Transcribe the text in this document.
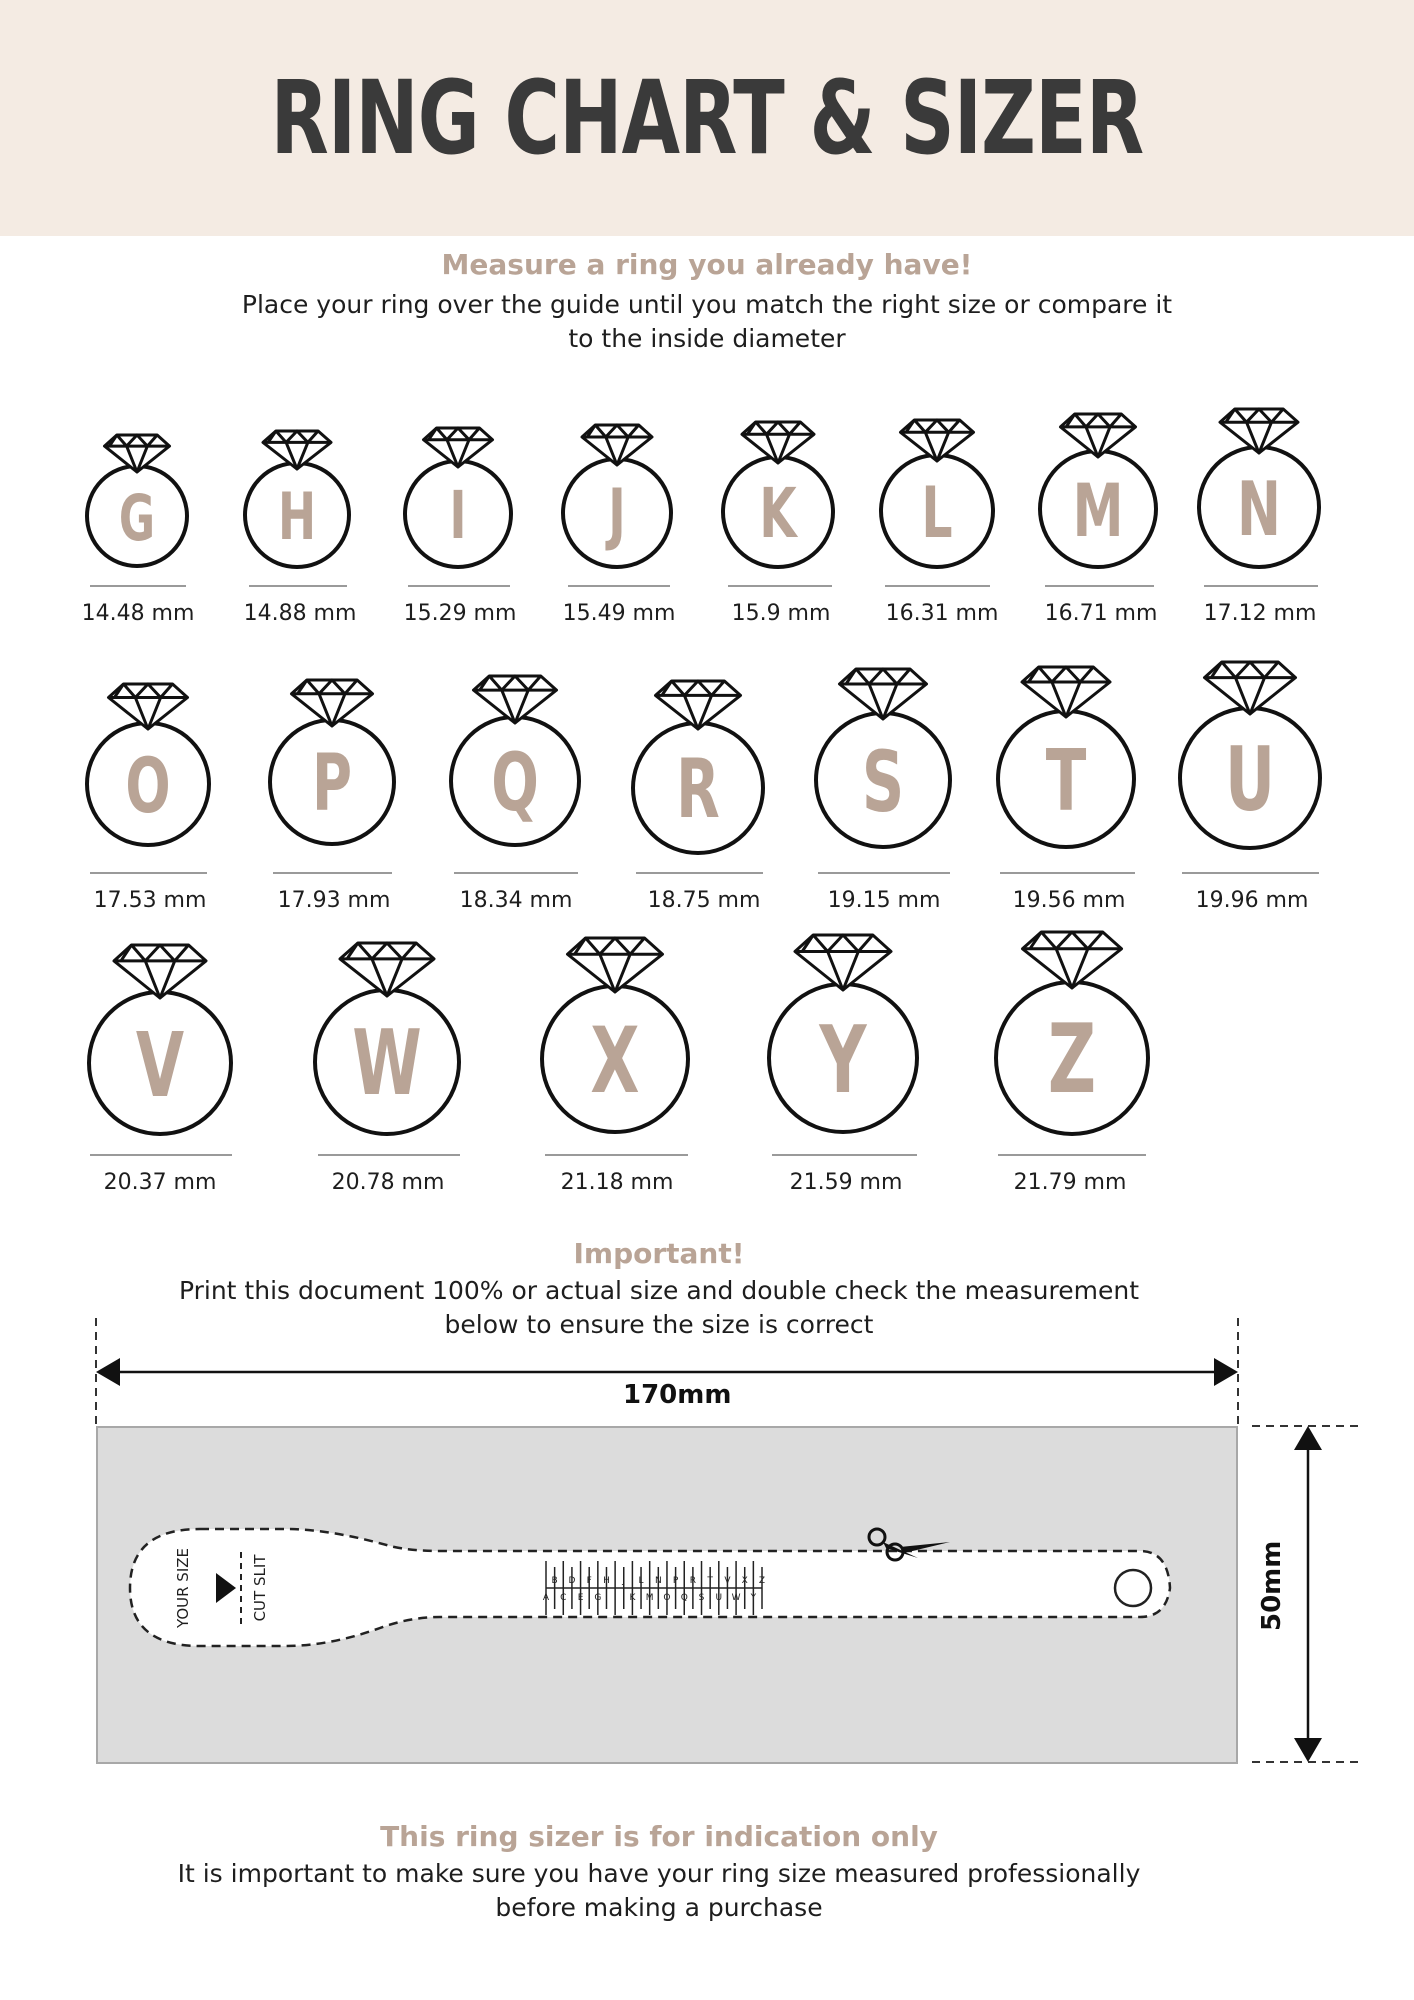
RING CHART & SIZER
Measure a ring you already have!
Place your ring over the guide until you match the right size or compare it
to the inside diameter
G
14.48 mm
H
14.88 mm
I
15.29 mm
J
15.49 mm
K
15.9 mm
L
16.31 mm
M
16.71 mm
N
17.12 mm
O
17.53 mm
P
17.93 mm
Q
18.34 mm
R
18.75 mm
S
19.15 mm
T
19.56 mm
U
19.96 mm
V
20.37 mm
W
20.78 mm
X
21.18 mm
Y
21.59 mm
Z
21.79 mm
Important!
Print this document 100% or actual size and double check the measurement
below to ensure the size is correct
170mm
50mm
B D F H J L N P R T V X Z
A C E G I K M O Q S U W Y
YOUR SIZE	CUT SLIT
This ring sizer is for indication only
It is important to make sure you have your ring size measured professionally
before making a purchase
